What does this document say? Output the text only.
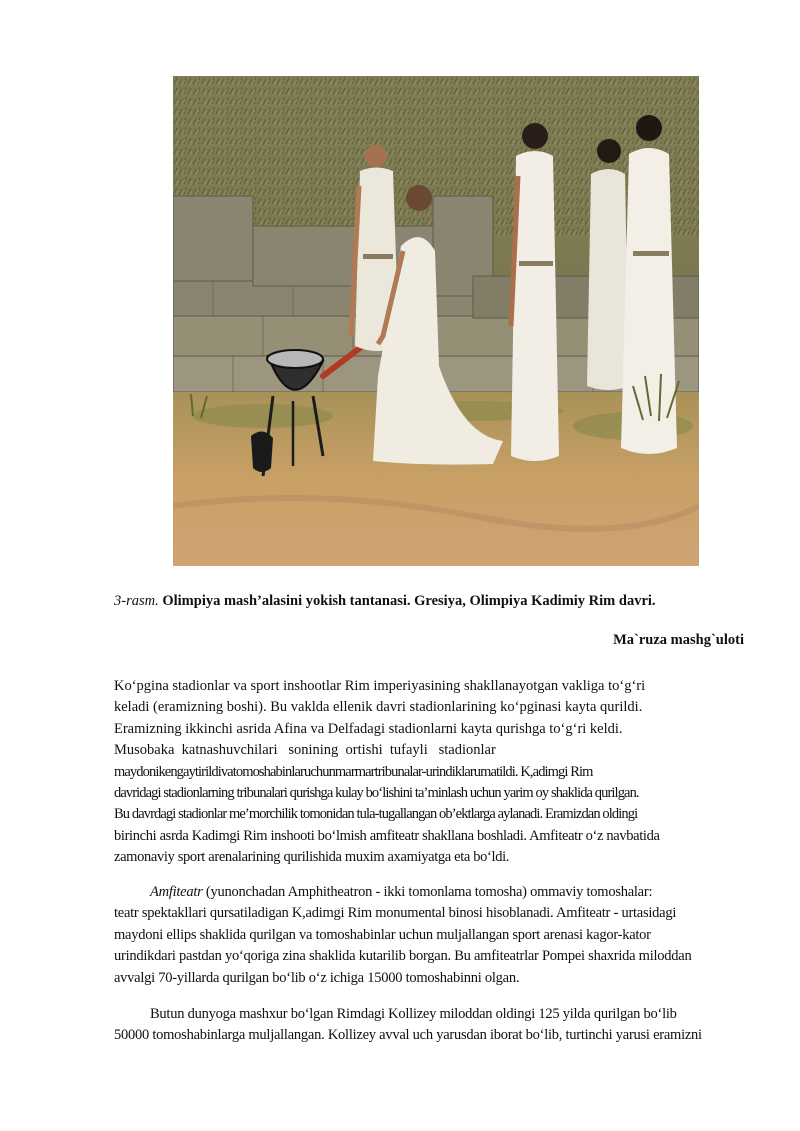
3-rasm. Olimpiya mash’alasini yokish tantanasi. Gresiya, Olimpiya Kadimiy Rim davri.
Ma`ruza mashg`uloti
Ko‘pgina stadionlar va sport inshootlar Rim imperiyasining shakllanayotgan vakliga to‘g‘ri
keladi (eramizning boshi). Bu vaklda ellenik davri stadionlarining ko‘pginasi kayta qurildi.
Eramizning ikkinchi asrida Afina va Delfadagi stadionlarni kayta qurishga to‘g‘ri keldi.
Musobaka  katnashuvchilari   sonining  ortishi  tufayli   stadionlar
maydonikengaytirildivatomoshabinlaruchunmarmartribunalar-urindiklarumatildi. K,adimgi Rim
davridagi stadionlarning tribunalari qurishga kulay bo‘lishini ta’minlash uchun yarim oy shaklida qurilgan.
Bu davrdagi stadionlar me’morchilik tomonidan tula-tugallangan ob’ektlarga aylanadi. Eramizdan oldingi
birinchi asrda Kadimgi Rim inshooti bo‘lmish amfiteatr shakllana boshladi. Amfiteatr o‘z navbatida
zamonaviy sport arenalarining qurilishida muxim axamiyatga eta bo‘ldi.
Amfiteatr (yunonchadan Amphitheatron - ikki tomonlama tomosha) ommaviy tomoshalar:
teatr spektakllari qursatiladigan K,adimgi Rim monumental binosi hisoblanadi. Amfiteatr - urtasidagi
maydoni ellips shaklida qurilgan va tomoshabinlar uchun muljallangan sport arenasi kagor-kator
urindikdari pastdan yo‘qoriga zina shaklida kutarilib borgan. Bu amfiteatrlar Pompei shaxrida miloddan
avvalgi 70-yillarda qurilgan bo‘lib o‘z ichiga 15000 tomoshabinni olgan.
Butun dunyoga mashxur bo‘lgan Rimdagi Kollizey miloddan oldingi 125 yilda qurilgan bo‘lib
50000 tomoshabinlarga muljallangan. Kollizey avval uch yarusdan iborat bo‘lib, turtinchi yarusi eramizni
